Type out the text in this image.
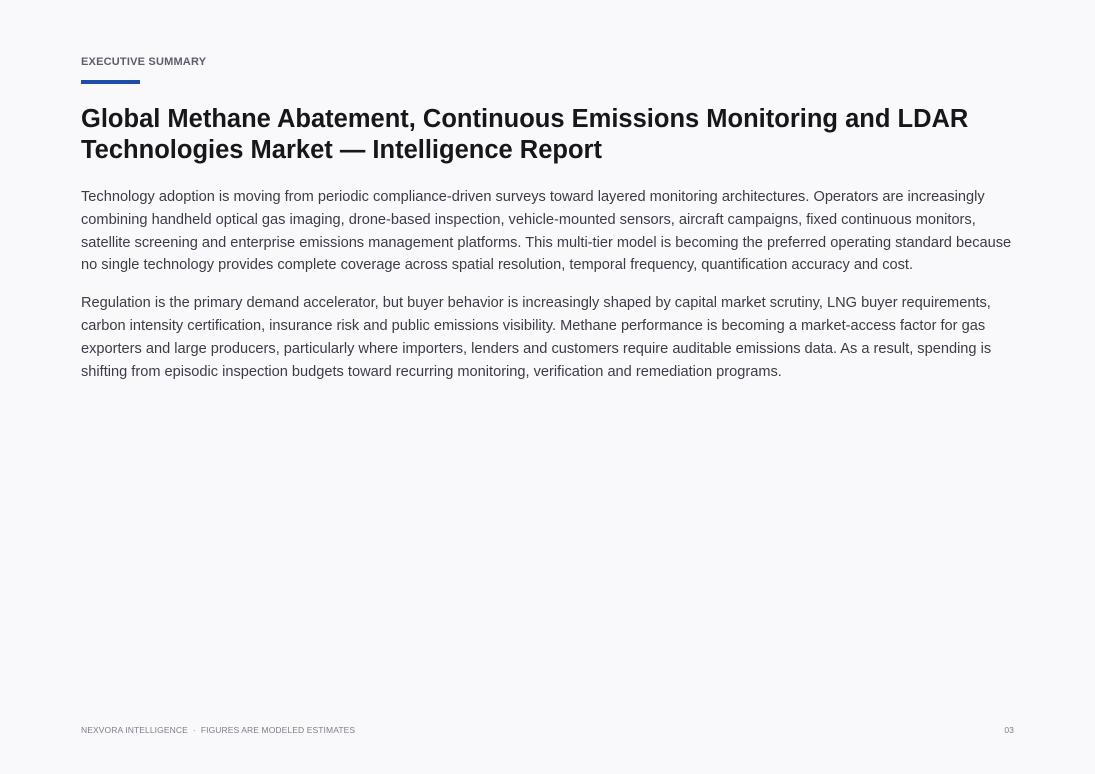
EXECUTIVE SUMMARY
Global Methane Abatement, Continuous Emissions Monitoring and LDAR
Technologies Market — Intelligence Report

Technology adoption is moving from periodic compliance-driven surveys toward layered monitoring architectures. Operators are increasingly combining handheld optical gas imaging, drone-based inspection, vehicle-mounted sensors, aircraft campaigns, fixed continuous monitors, satellite screening and enterprise emissions management platforms. This multi-tier model is becoming the preferred operating standard because no single technology provides complete coverage across spatial resolution, temporal frequency, quantification accuracy and cost.

Regulation is the primary demand accelerator, but buyer behavior is increasingly shaped by capital market scrutiny, LNG buyer requirements, carbon intensity certification, insurance risk and public emissions visibility. Methane performance is becoming a market-access factor for gas exporters and large producers, particularly where importers, lenders and customers require auditable emissions data. As a result, spending is shifting from episodic inspection budgets toward recurring monitoring, verification and remediation programs.

NEXVORA INTELLIGENCE · FIGURES ARE MODELED ESTIMATES	03
